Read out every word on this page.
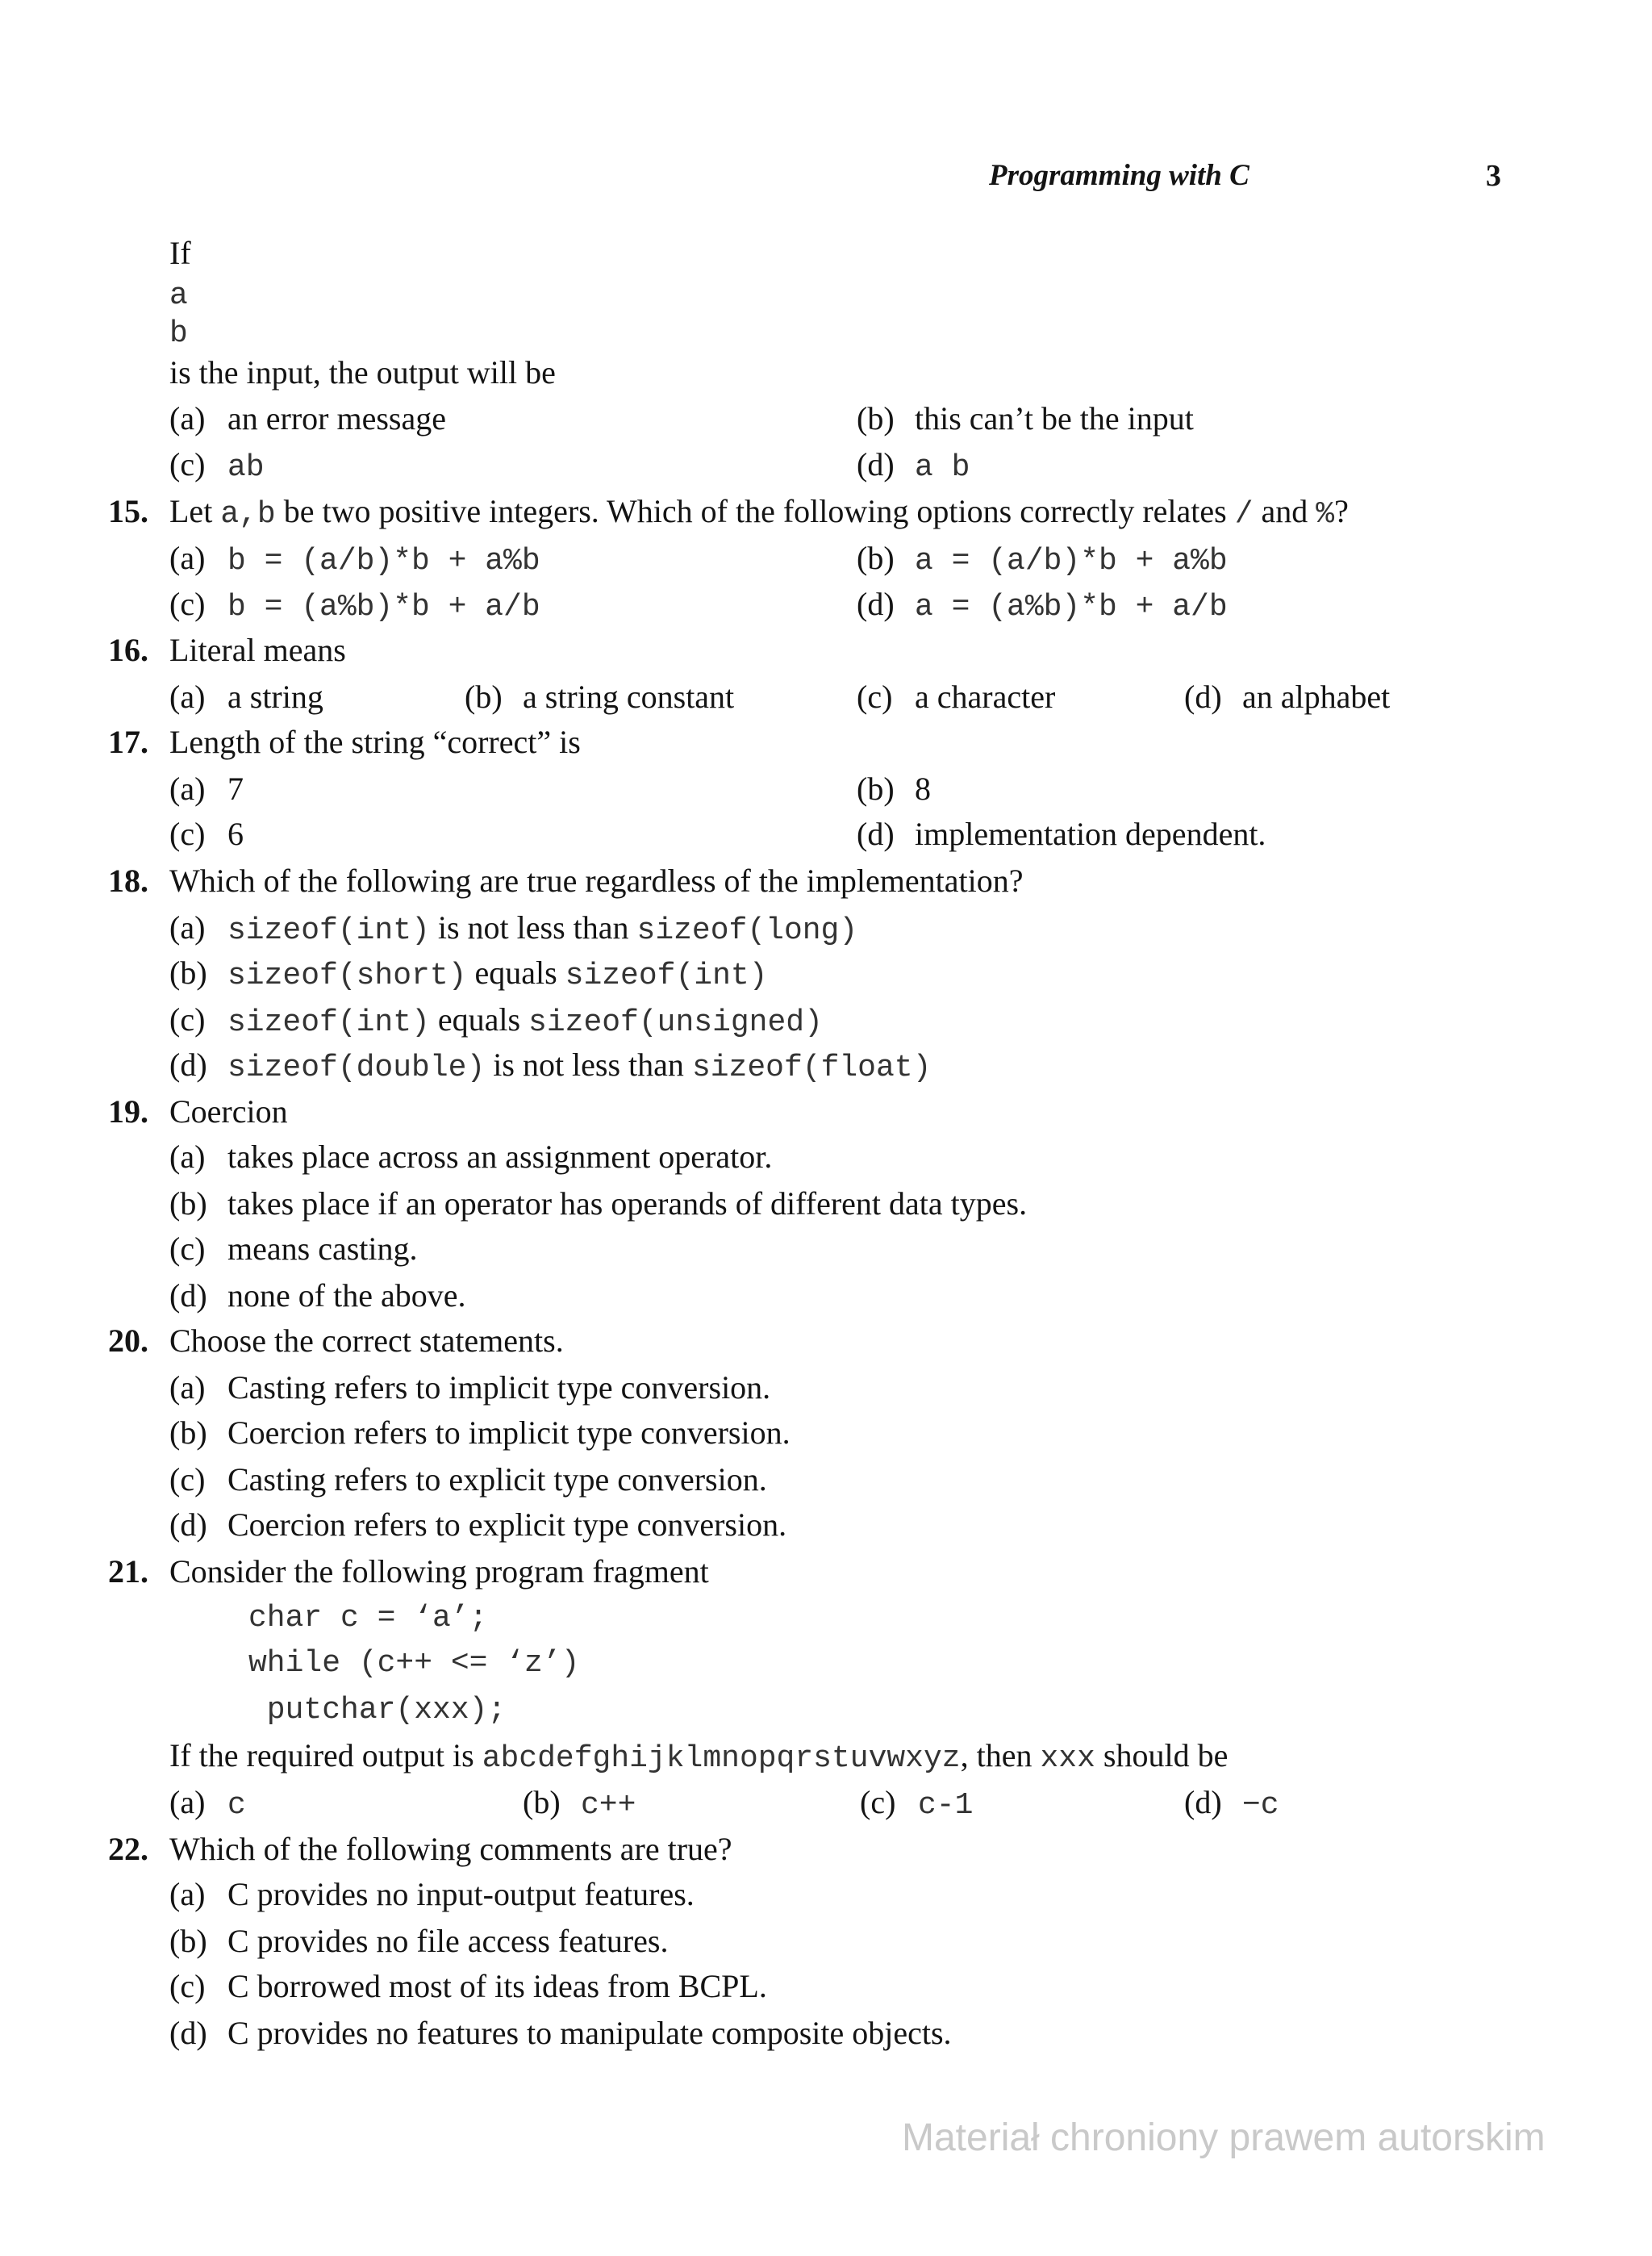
Programming with C	3
If
a
b
is the input, the output will be
(a) an error message	(b) this can’t be the input
(c) ab	(d) a b
15. Let a,b be two positive integers. Which of the following options correctly relates / and %?
(a) b = (a/b)*b + a%b	(b) a = (a/b)*b + a%b
(c) b = (a%b)*b + a/b	(d) a = (a%b)*b + a/b
16. Literal means
(a) a string	(b) a string constant	(c) a character	(d) an alphabet
17. Length of the string “correct” is
(a) 7	(b) 8
(c) 6	(d) implementation dependent.
18. Which of the following are true regardless of the implementation?
(a) sizeof(int) is not less than sizeof(long)
(b) sizeof(short) equals sizeof(int)
(c) sizeof(int) equals sizeof(unsigned)
(d) sizeof(double) is not less than sizeof(float)
19. Coercion
(a) takes place across an assignment operator.
(b) takes place if an operator has operands of different data types.
(c) means casting.
(d) none of the above.
20. Choose the correct statements.
(a) Casting refers to implicit type conversion.
(b) Coercion refers to implicit type conversion.
(c) Casting refers to explicit type conversion.
(d) Coercion refers to explicit type conversion.
21. Consider the following program fragment
char c = ‘a’;
while (c++ <= ‘z’)
putchar(xxx);
If the required output is abcdefghijklmnopqrstuvwxyz, then xxx should be
(a) c	(b) c++	(c) c-1	(d) −c
22. Which of the following comments are true?
(a) C provides no input-output features.
(b) C provides no file access features.
(c) C borrowed most of its ideas from BCPL.
(d) C provides no features to manipulate composite objects.
Materiał chroniony prawem autorskim
